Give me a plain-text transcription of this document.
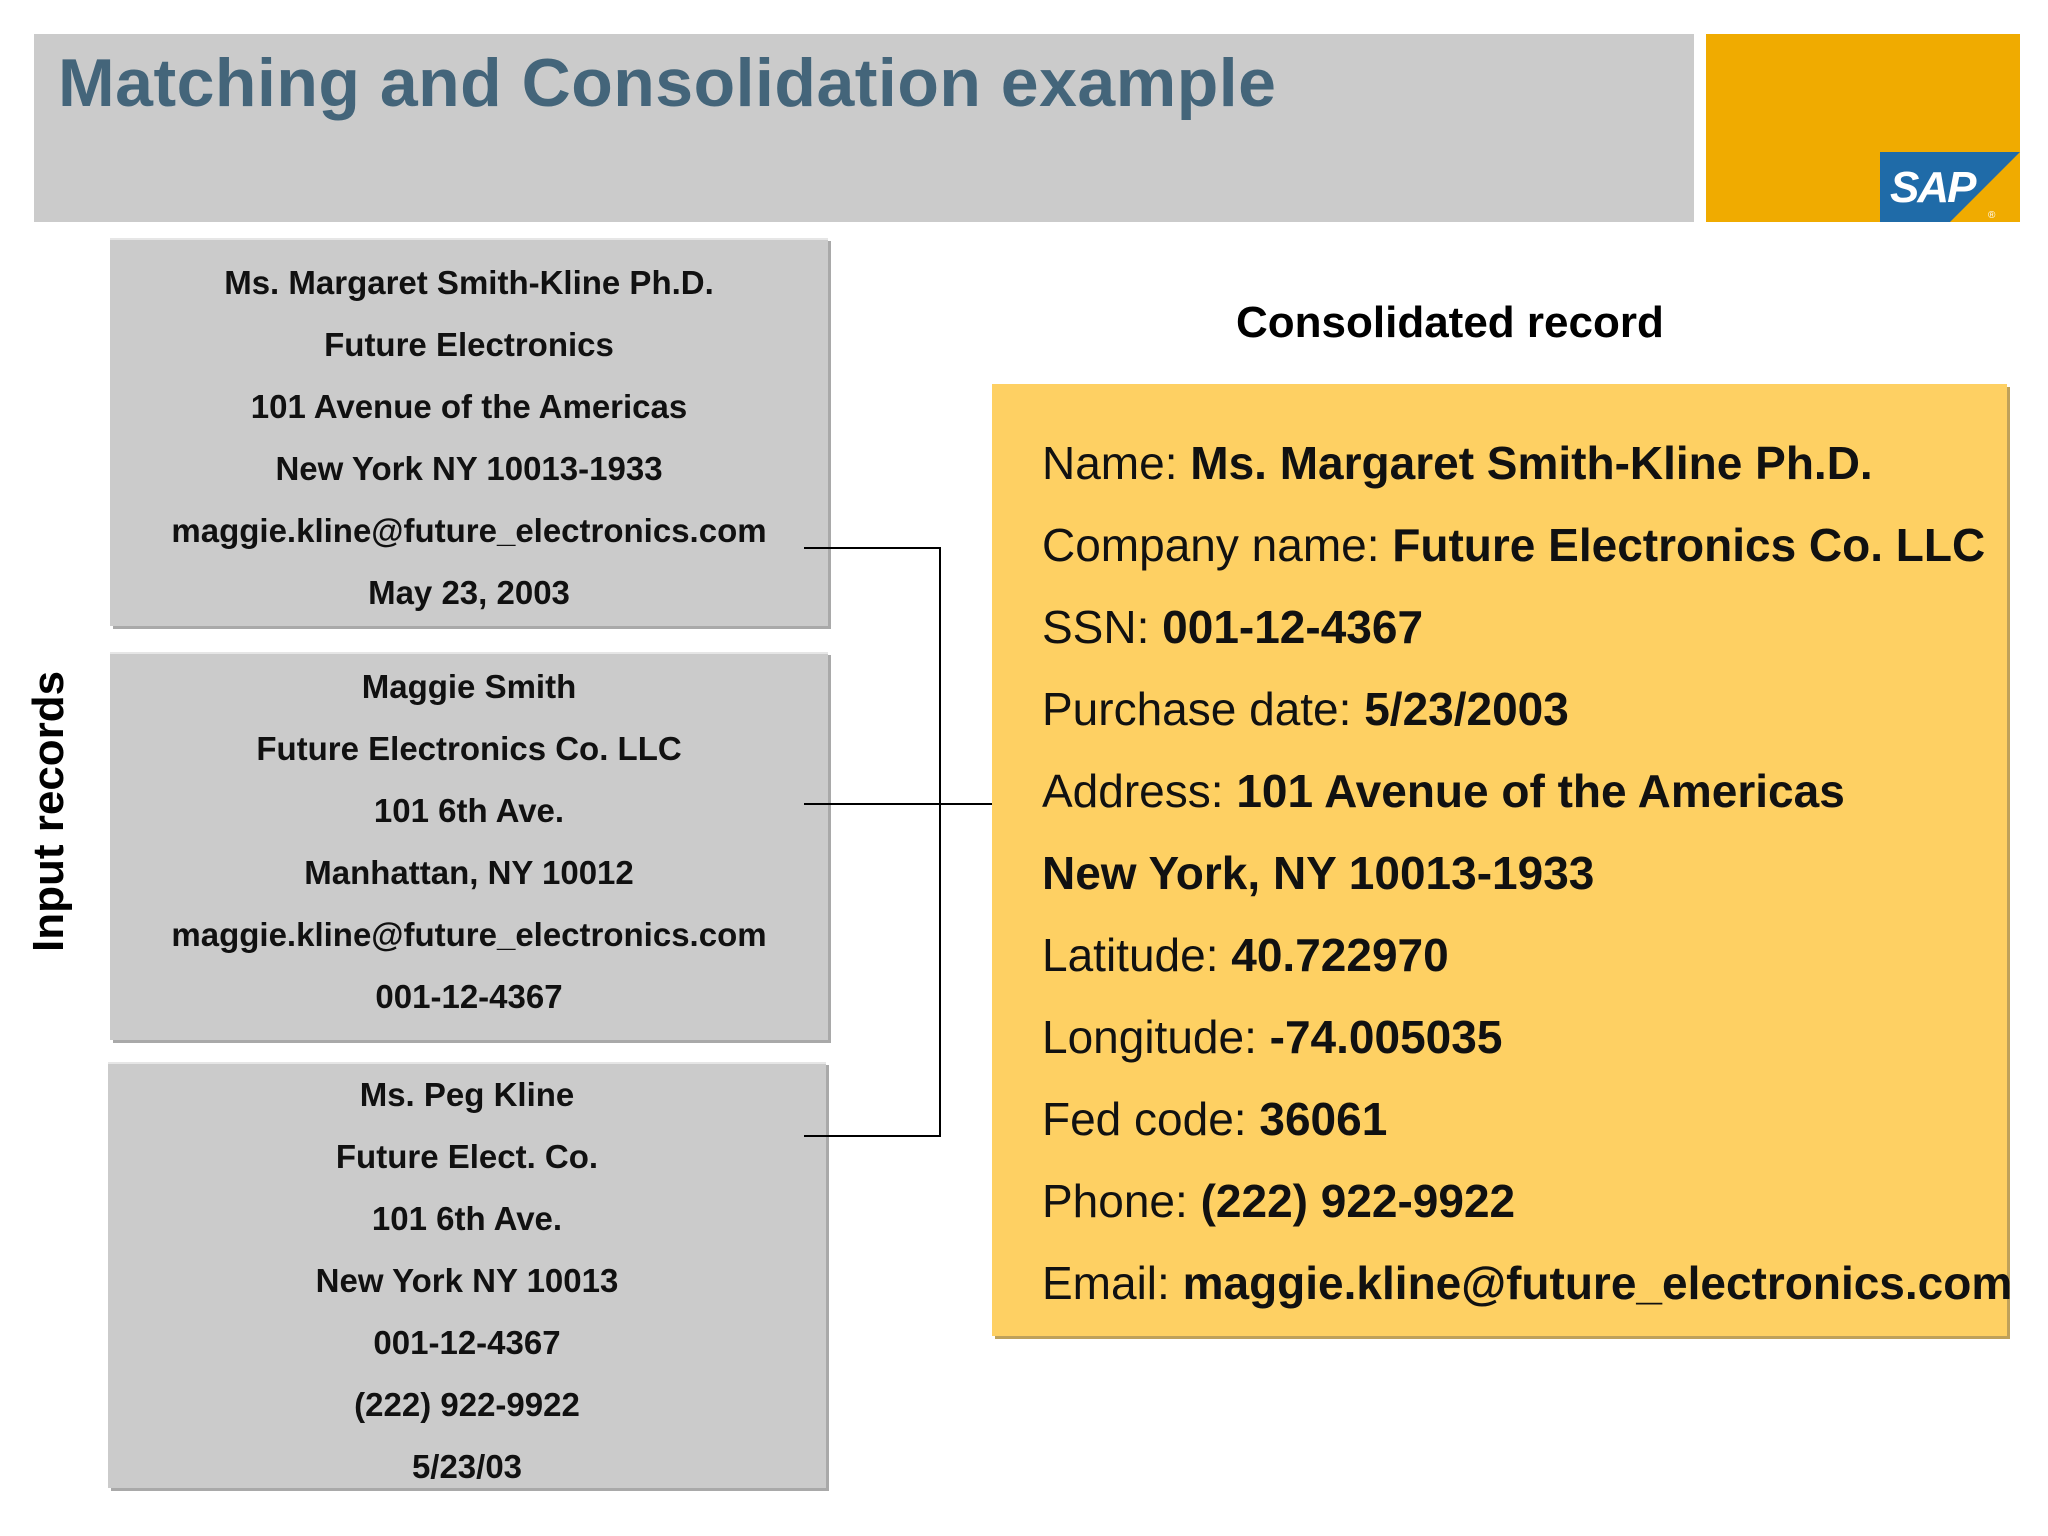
Matching and Consolidation example
SAP
®
Input records
Ms. Margaret Smith-Kline Ph.D.
Future Electronics
101 Avenue of the Americas
New York NY 10013-1933
maggie.kline@future_electronics.com
May 23, 2003
Maggie Smith
Future Electronics Co. LLC
101 6th Ave.
Manhattan, NY 10012
maggie.kline@future_electronics.com
001-12-4367
Ms. Peg Kline
Future Elect. Co.
101 6th Ave.
New York NY 10013
001-12-4367
(222) 922-9922
5/23/03
Consolidated record
Name: Ms. Margaret Smith-Kline Ph.D.
Company name: Future Electronics Co. LLC
SSN: 001-12-4367
Purchase date: 5/23/2003
Address: 101 Avenue of the Americas
New York, NY 10013-1933
Latitude: 40.722970
Longitude: -74.005035
Fed code: 36061
Phone: (222) 922-9922
Email: maggie.kline@future_electronics.com
